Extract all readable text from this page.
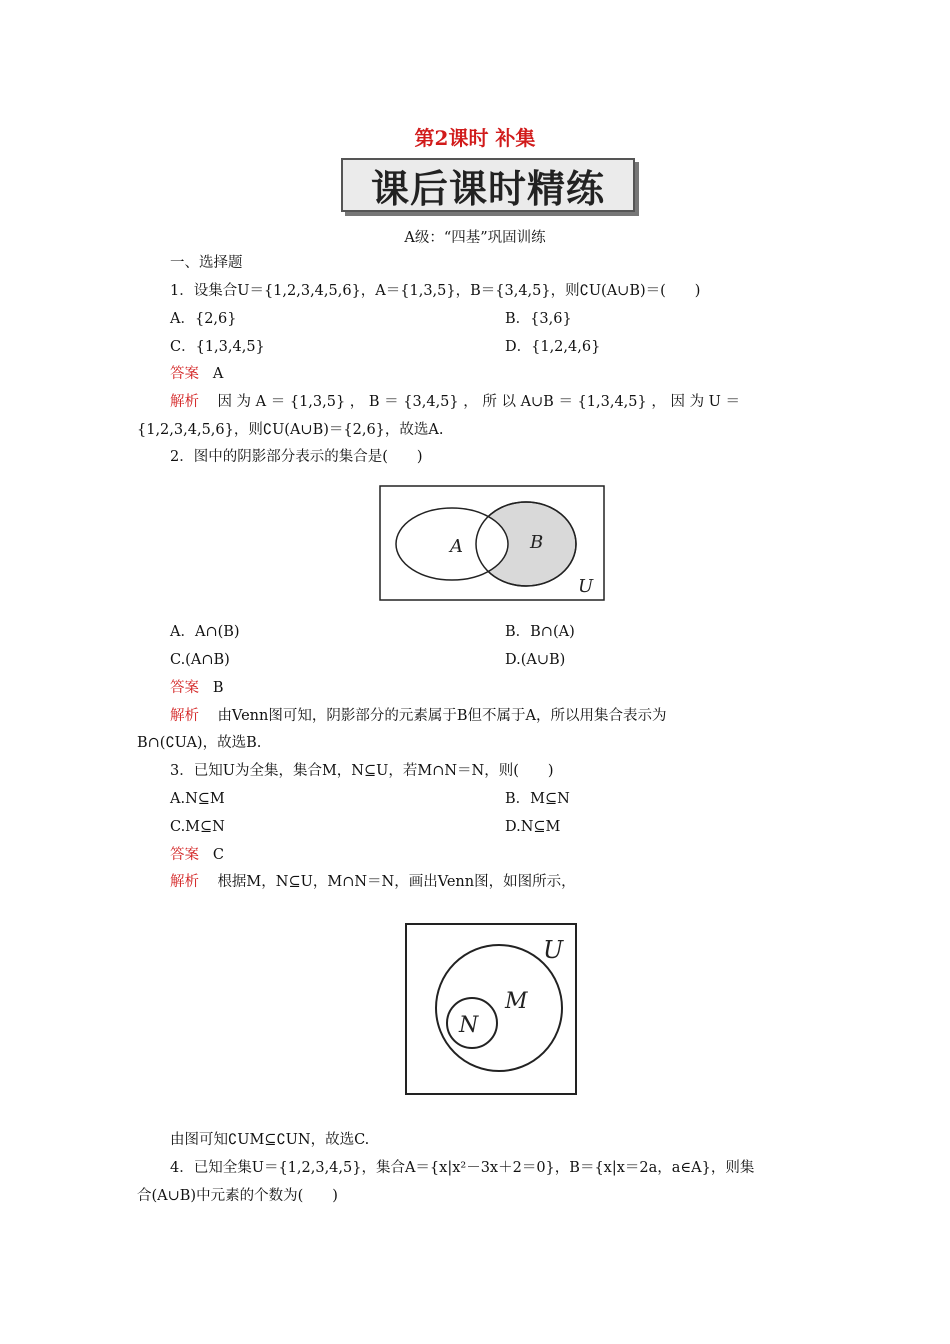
第2课时 补集
课后课时精练
A级：“四基”巩固训练
一、选择题
1．设集合U＝{1,2,3,4,5,6}，A＝{1,3,5}，B＝{3,4,5}，则∁U(A∪B)＝(　　)
A．{2,6}	B．{3,6}
C．{1,3,4,5}	D．{1,2,4,6}
答案 A
解析 因 为 A ＝ {1,3,5} ， B ＝ {3,4,5} ， 所 以 A∪B ＝ {1,3,4,5} ， 因 为 U ＝
{1,2,3,4,5,6}，则∁U(A∪B)＝{2,6}，故选A.
2．图中的阴影部分表示的集合是(　　)
A	B
U
A．A∩(B)	B．B∩(A)
C.(A∩B)	D.(A∪B)
答案 B
解析 由Venn图可知，阴影部分的元素属于B但不属于A，所以用集合表示为
B∩(∁UA)，故选B.
3．已知U为全集，集合M，N⊆U，若M∩N＝N，则(　　)
A.N⊆M	B．M⊆N
C.M⊆N	D.N⊆M
答案 C
解析 根据M，N⊆U，M∩N＝N，画出Venn图，如图所示，
U
M
N
由图可知∁UM⊆∁UN，故选C.
4．已知全集U＝{1,2,3,4,5}，集合A＝{x|x²－3x＋2＝0}，B＝{x|x＝2a，a∈A}，则集
合(A∪B)中元素的个数为(　　)
